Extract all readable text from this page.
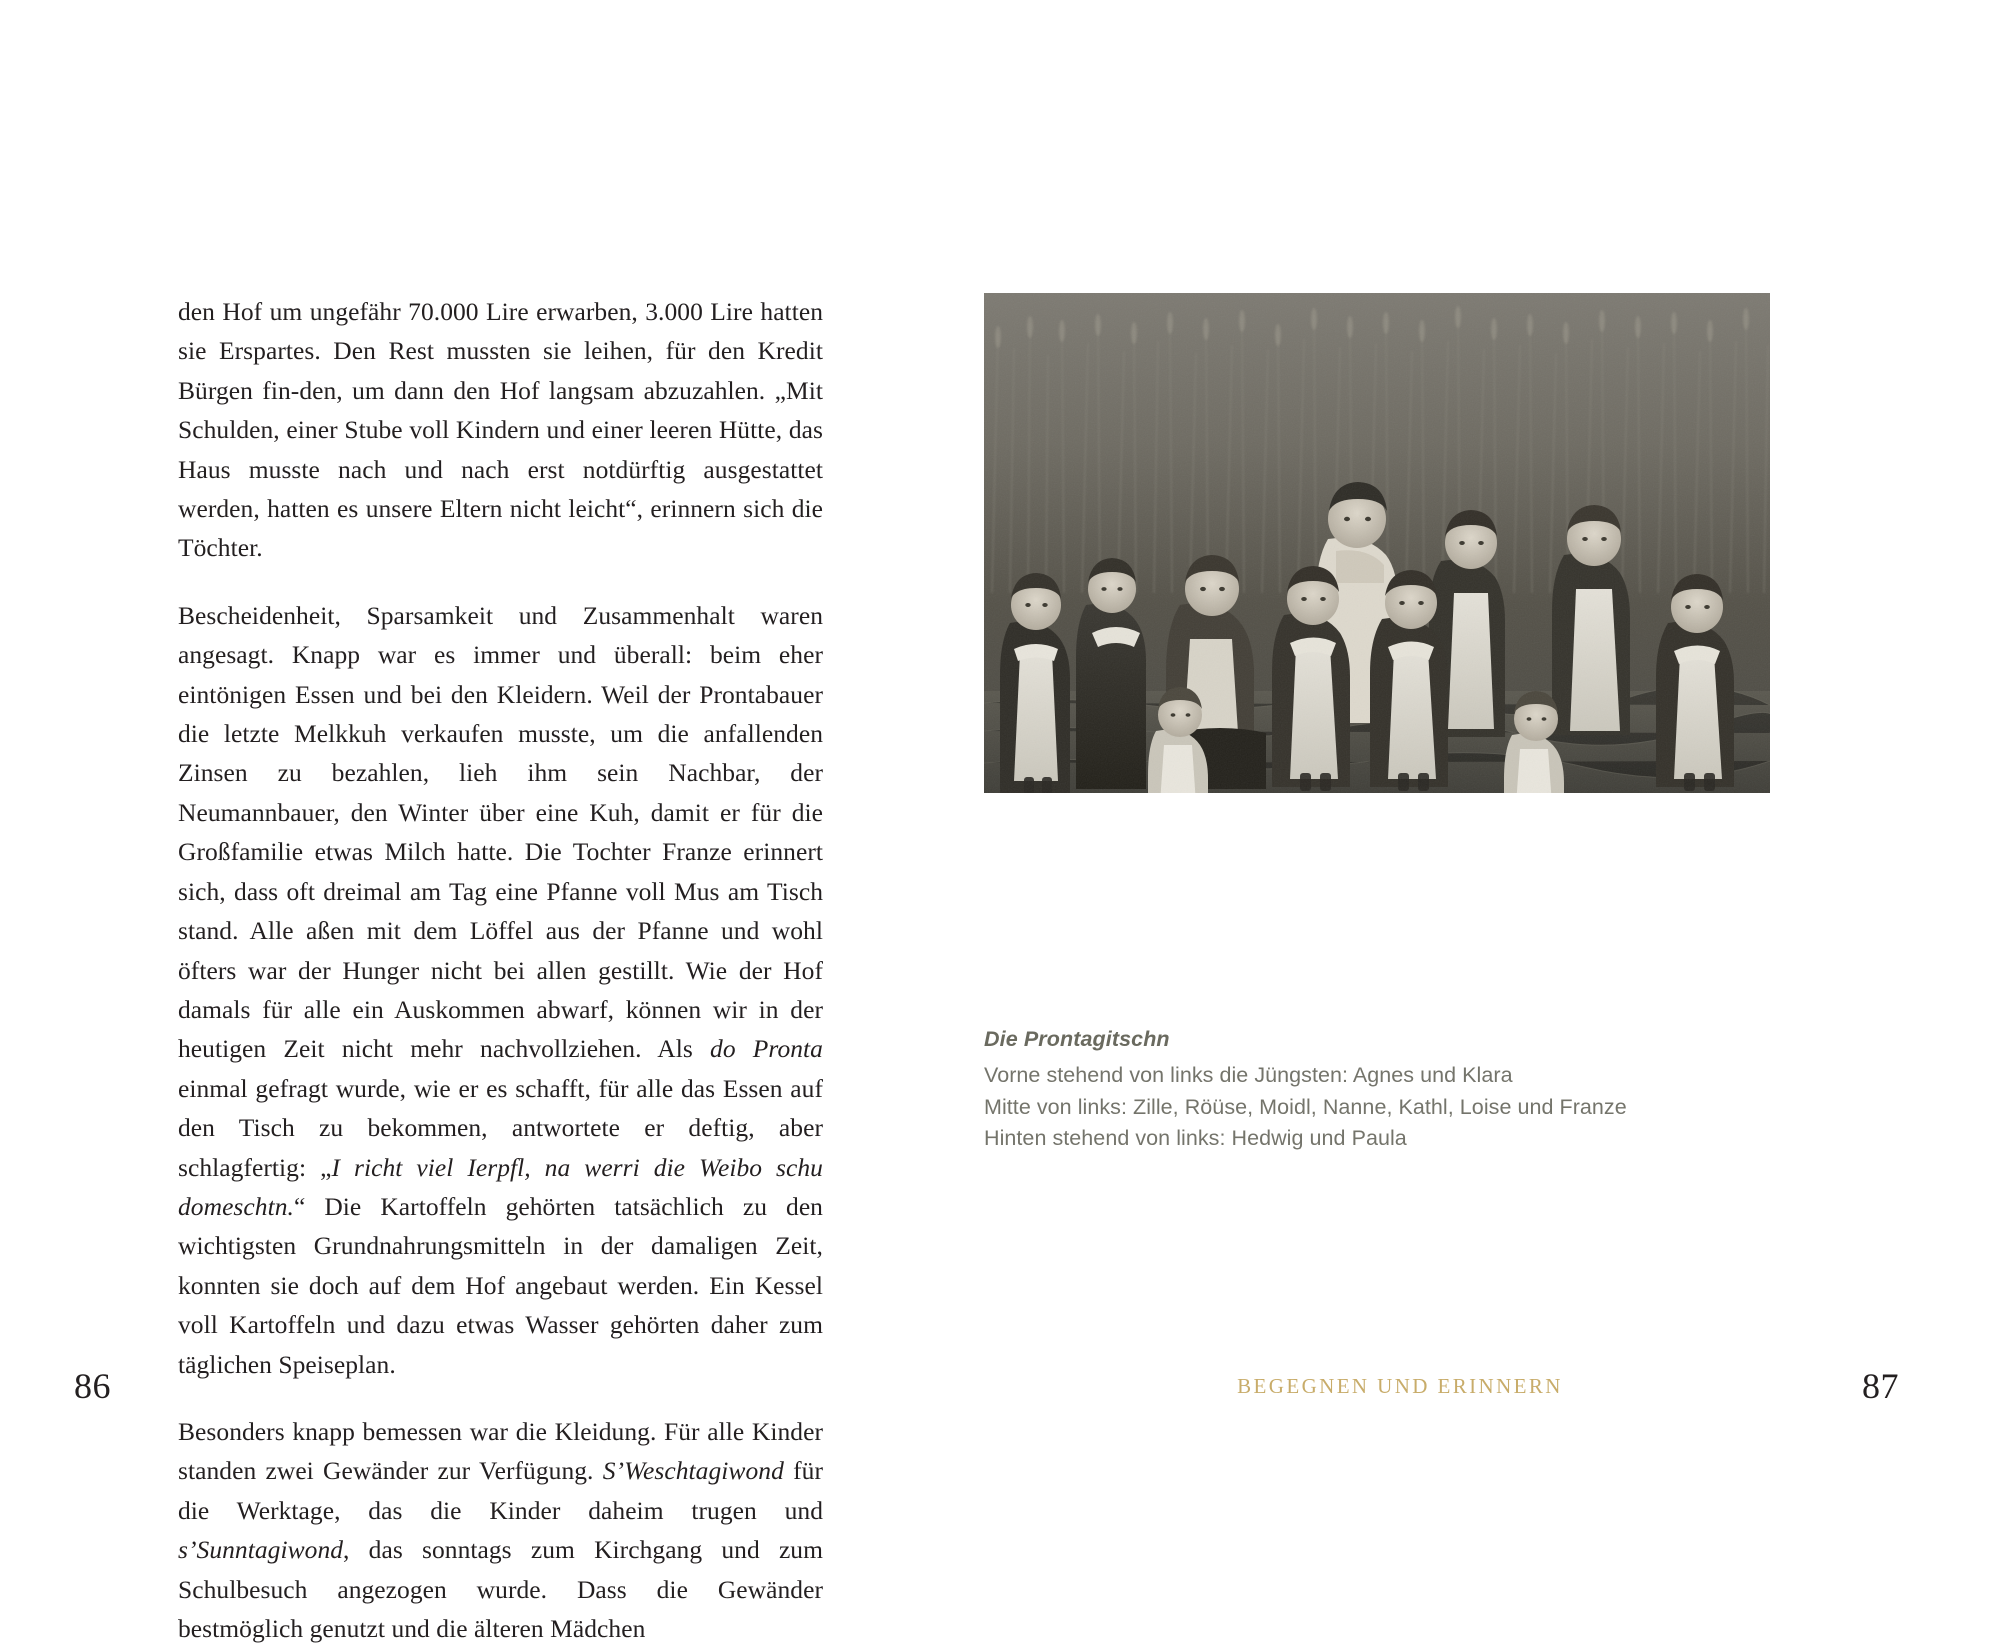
den Hof um ungefähr 70.000 Lire erwarben, 3.000 Lire hatten sie Erspartes. Den Rest mussten sie leihen, für den Kredit Bürgen fin-den, um dann den Hof langsam abzuzahlen. „Mit Schulden, einer Stube voll Kindern und einer leeren Hütte, das Haus musste nach und nach erst notdürftig ausgestattet werden, hatten es unsere Eltern nicht leicht“, erinnern sich die Töchter.

Bescheidenheit, Sparsamkeit und Zusammenhalt waren angesagt. Knapp war es immer und überall: beim eher eintönigen Essen und bei den Kleidern. Weil der Prontabauer die letzte Melkkuh verkaufen musste, um die anfallenden Zinsen zu bezahlen, lieh ihm sein Nachbar, der Neumannbauer, den Winter über eine Kuh, damit er für die Großfamilie etwas Milch hatte. Die Tochter Franze erinnert sich, dass oft dreimal am Tag eine Pfanne voll Mus am Tisch stand. Alle aßen mit dem Löffel aus der Pfanne und wohl öfters war der Hunger nicht bei allen gestillt. Wie der Hof damals für alle ein Auskommen abwarf, können wir in der heutigen Zeit nicht mehr nachvollziehen. Als do Pronta einmal gefragt wurde, wie er es schafft, für alle das Essen auf den Tisch zu bekommen, antwortete er deftig, aber schlagfertig: „I richt viel Ierpfl, na werri die Weibo schu domeschtn.“ Die Kartoffeln gehörten tatsächlich zu den wichtigsten Grundnahrungsmitteln in der damaligen Zeit, konnten sie doch auf dem Hof angebaut werden. Ein Kessel voll Kartoffeln und dazu etwas Wasser gehörten daher zum täglichen Speiseplan.

Besonders knapp bemessen war die Kleidung. Für alle Kinder standen zwei Gewänder zur Verfügung. S’Weschtagiwond für die Werktage, das die Kinder daheim trugen und s’Sunntagiwond, das sonntags zum Kirchgang und zum Schulbesuch angezogen wurde. Dass die Gewänder bestmöglich genutzt und die älteren Mädchen

86
Die Prontagitschn
Vorne stehend von links die Jüngsten: Agnes und Klara
Mitte von links: Zille, Röüse, Moidl, Nanne, Kathl, Loise und Franze
Hinten stehend von links: Hedwig und Paula
BEGEGNEN UND ERINNERN	87
